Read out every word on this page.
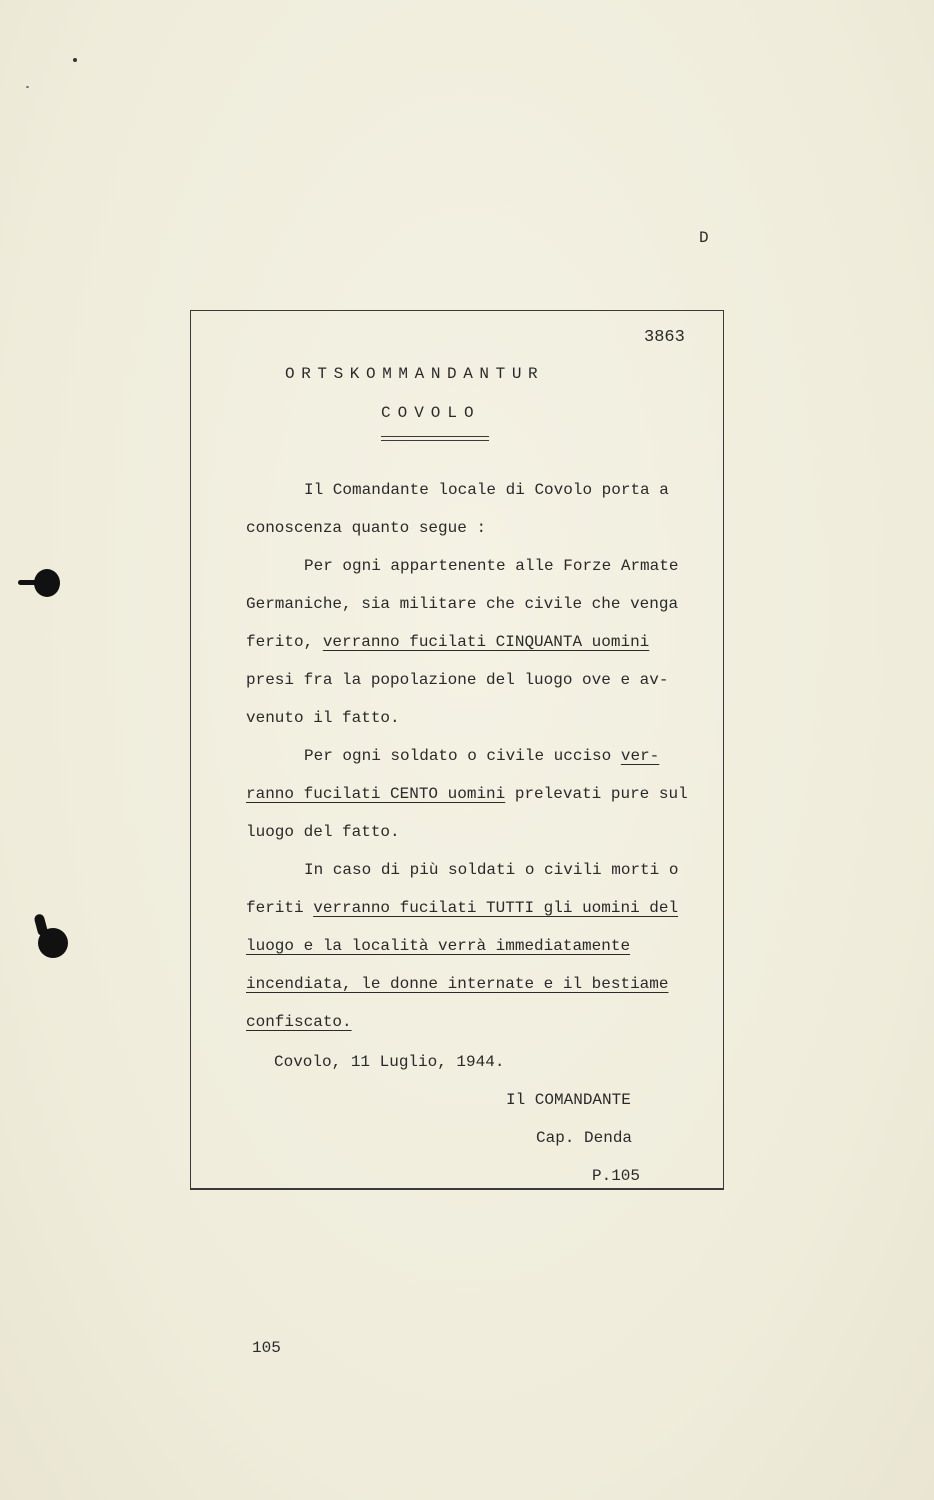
D
3863
ORTSKOMMANDANTUR
COVOLO
Il Comandante locale di Covolo porta a
conoscenza quanto segue :
Per ogni appartenente alle Forze Armate
Germaniche, sia militare che civile che venga
ferito, verranno fucilati CINQUANTA uomini
presi fra la popolazione del luogo ove e av-
venuto il fatto.
Per ogni soldato o civile ucciso ver-
ranno fucilati CENTO uomini prelevati pure sul
luogo del fatto.
In caso di più soldati o civili morti o
feriti verranno fucilati TUTTI gli uomini del
luogo e la località verrà immediatamente
incendiata, le donne internate e il bestiame
confiscato.
Covolo, 11 Luglio, 1944.
Il COMANDANTE
Cap. Denda
P.105
105
